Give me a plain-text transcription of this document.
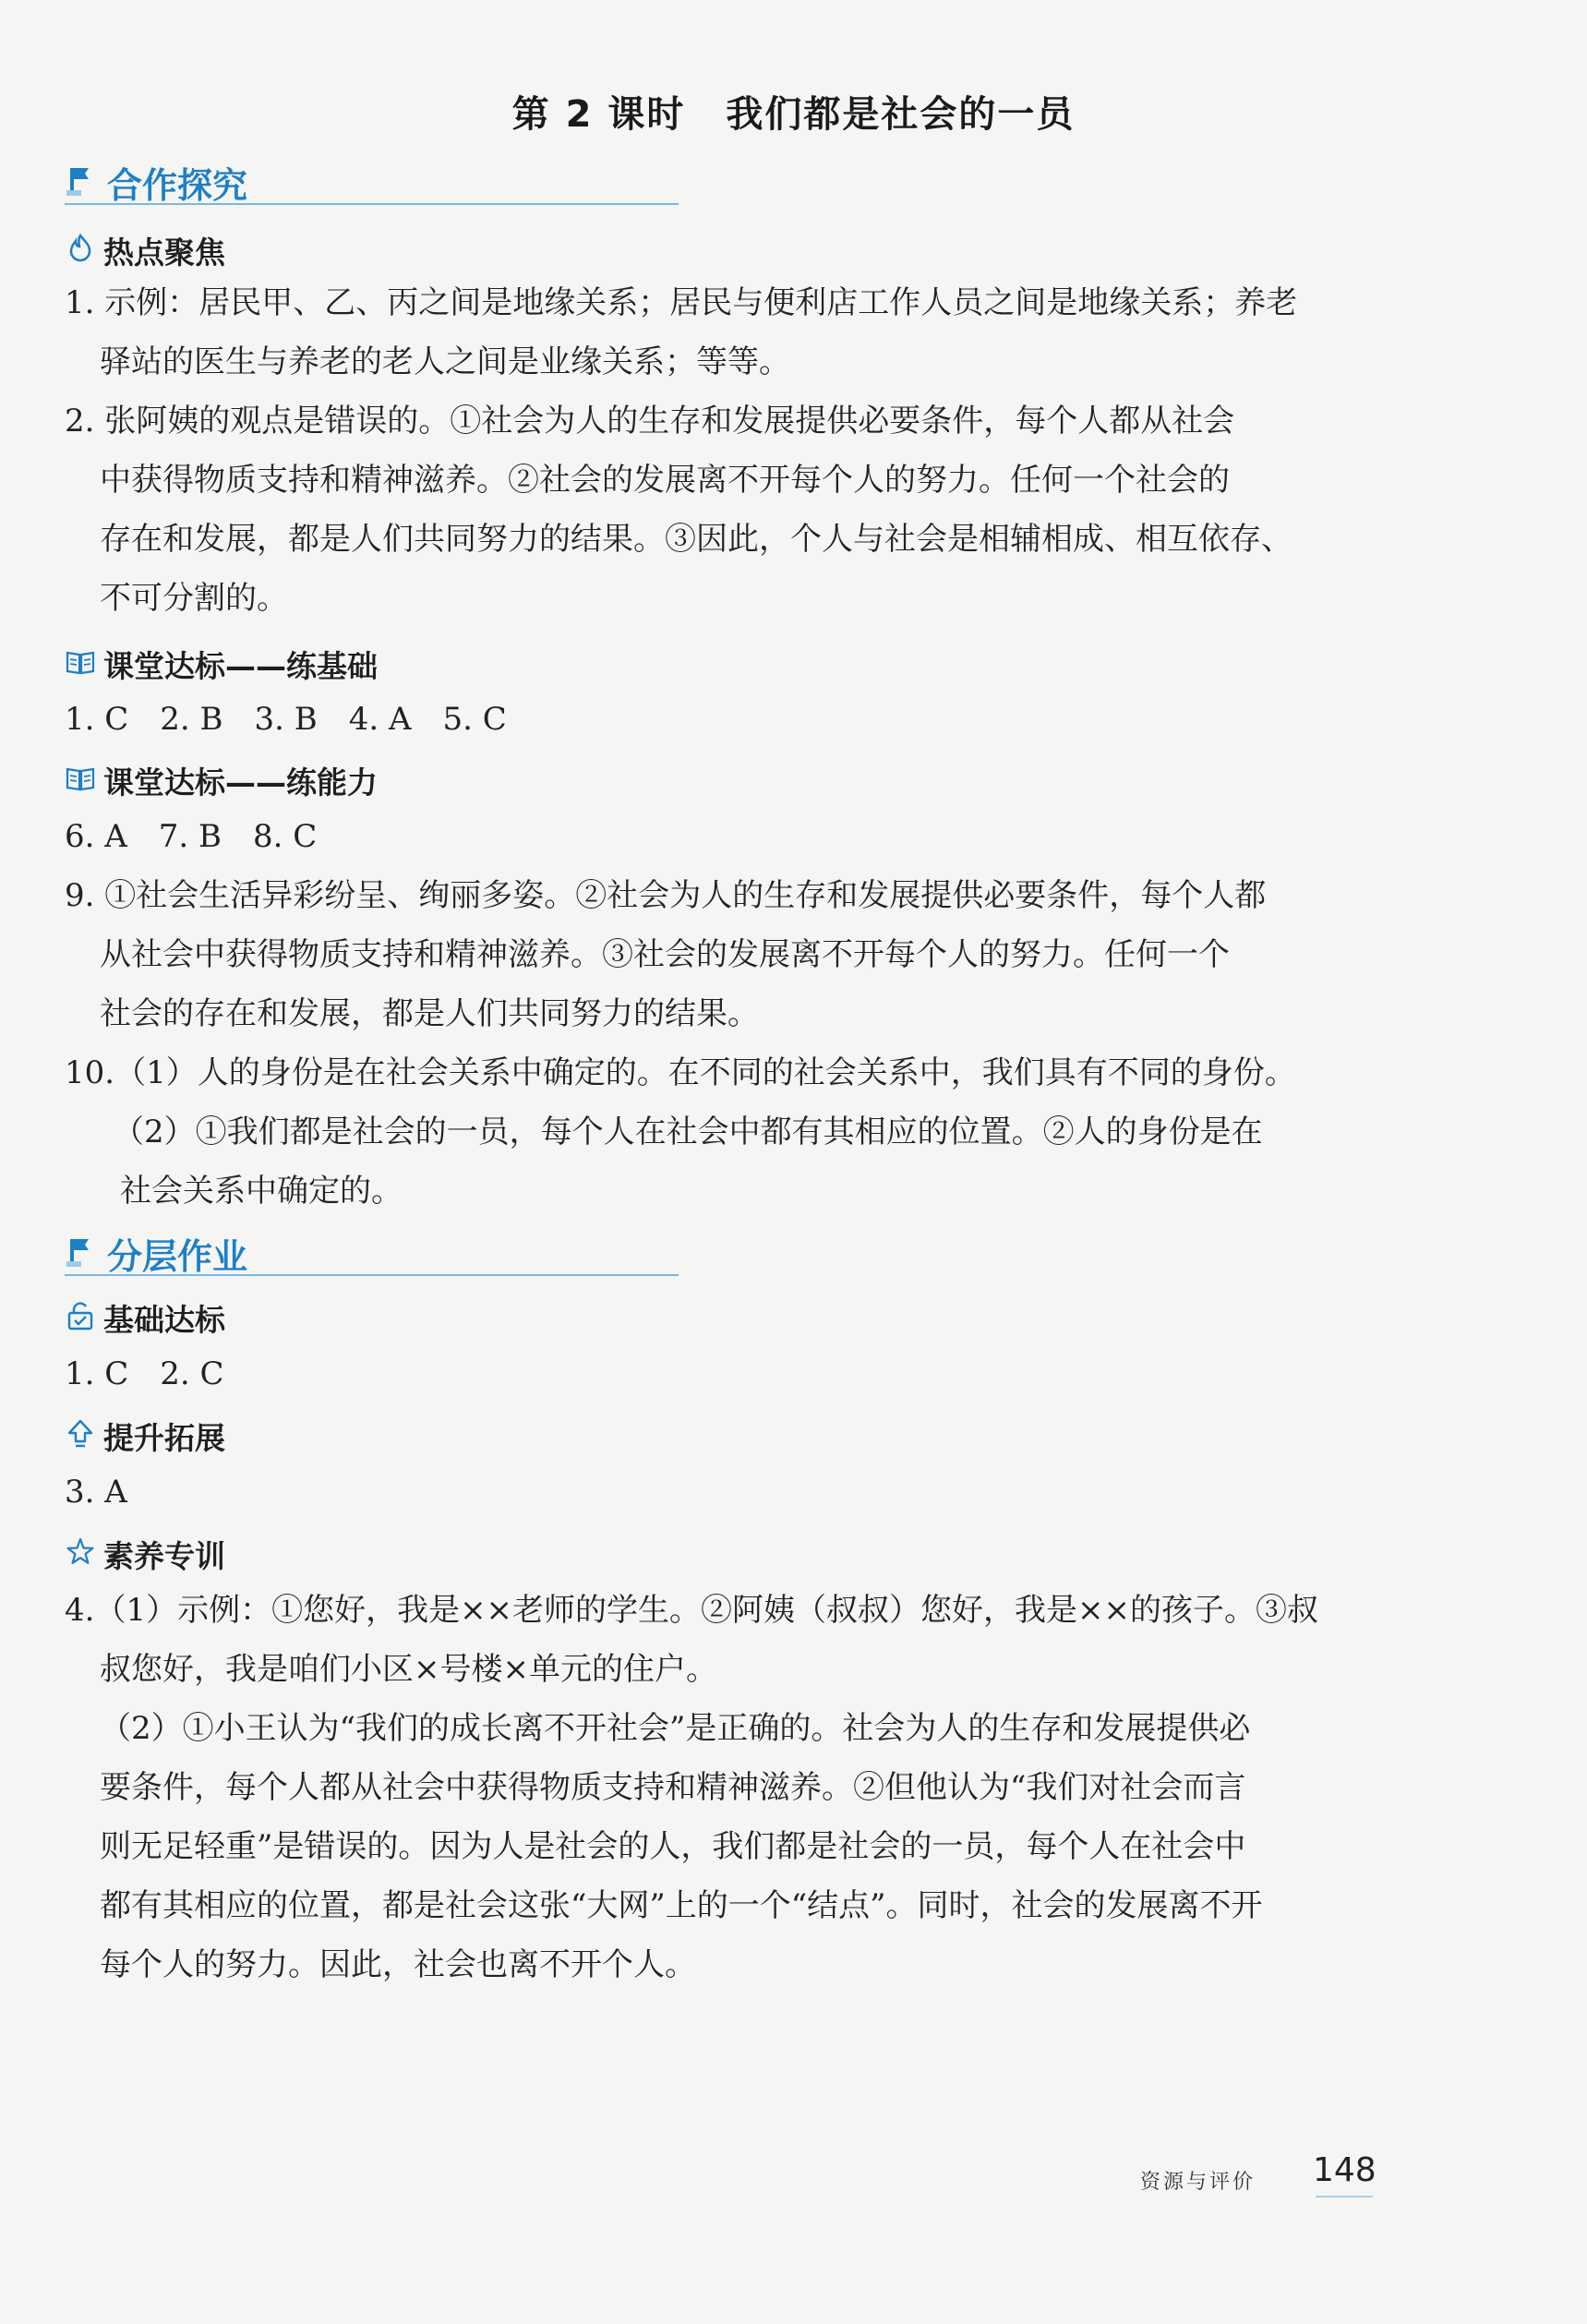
第 2 课时 我们都是社会的一员
合作探究
热点聚焦
1. 示例：居民甲、乙、丙之间是地缘关系；居民与便利店工作人员之间是地缘关系；养老
驿站的医生与养老的老人之间是业缘关系；等等。
2. 张阿姨的观点是错误的。①社会为人的生存和发展提供必要条件，每个人都从社会
中获得物质支持和精神滋养。②社会的发展离不开每个人的努力。任何一个社会的
存在和发展，都是人们共同努力的结果。③因此，个人与社会是相辅相成、相互依存、
不可分割的。
课堂达标——练基础
1. C　2. B　3. B　4. A　5. C
课堂达标——练能力
6. A　7. B　8. C
9. ①社会生活异彩纷呈、绚丽多姿。②社会为人的生存和发展提供必要条件，每个人都
从社会中获得物质支持和精神滋养。③社会的发展离不开每个人的努力。任何一个
社会的存在和发展，都是人们共同努力的结果。
10.（1）人的身份是在社会关系中确定的。在不同的社会关系中，我们具有不同的身份。
（2）①我们都是社会的一员，每个人在社会中都有其相应的位置。②人的身份是在
社会关系中确定的。
分层作业
基础达标
1. C　2. C
提升拓展
3. A
素养专训
4.（1）示例：①您好，我是××老师的学生。②阿姨（叔叔）您好，我是××的孩子。③叔
叔您好，我是咱们小区×号楼×单元的住户。
（2）①小王认为“我们的成长离不开社会”是正确的。社会为人的生存和发展提供必
要条件，每个人都从社会中获得物质支持和精神滋养。②但他认为“我们对社会而言
则无足轻重”是错误的。因为人是社会的人，我们都是社会的一员，每个人在社会中
都有其相应的位置，都是社会这张“大网”上的一个“结点”。同时，社会的发展离不开
每个人的努力。因此，社会也离不开个人。
资源与评价 148
